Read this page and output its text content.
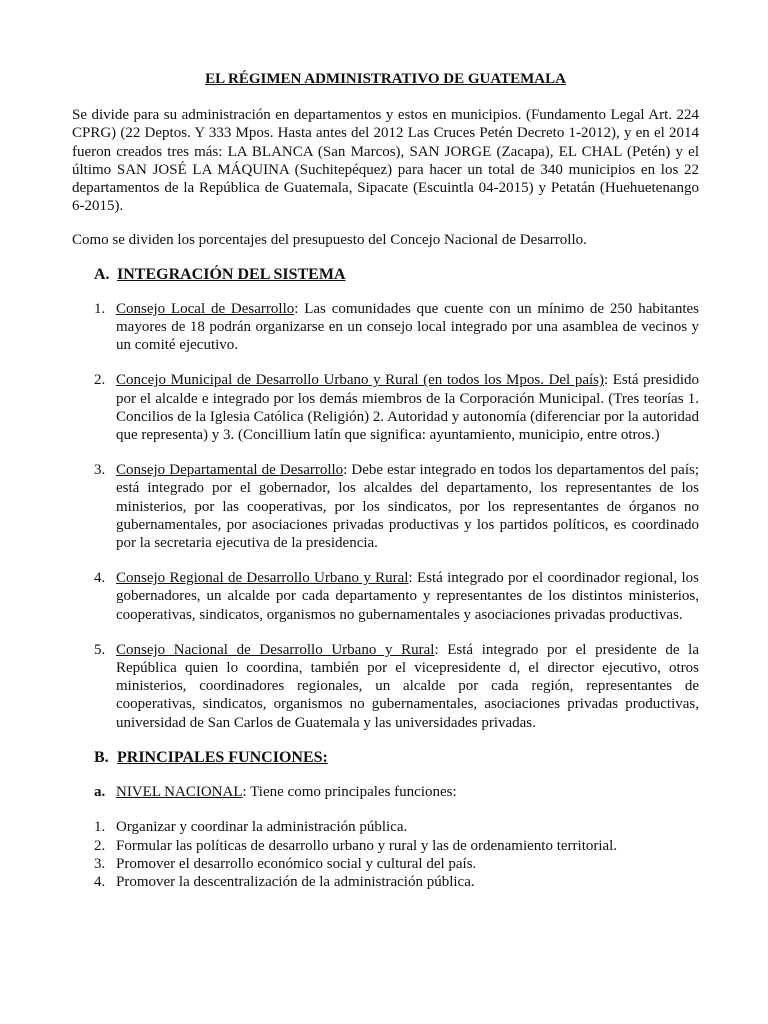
EL RÉGIMEN ADMINISTRATIVO DE GUATEMALA

Se divide para su administración en departamentos y estos en municipios. (Fundamento Legal Art. 224 CPRG) (22 Deptos. Y 333 Mpos. Hasta antes del 2012 Las Cruces Petén Decreto 1-2012), y en el 2014 fueron creados tres más: LA BLANCA (San Marcos), SAN JORGE (Zacapa), EL CHAL (Petén) y el último SAN JOSÉ LA MÁQUINA (Suchitepéquez) para hacer un total de 340 municipios en los 22 departamentos de la República de Guatemala, Sipacate (Escuintla 04-2015) y Petatán (Huehuetenango 6-2015).

Como se dividen los porcentajes del presupuesto del Concejo Nacional de Desarrollo.

A. INTEGRACIÓN DEL SISTEMA
1. Consejo Local de Desarrollo: Las comunidades que cuente con un mínimo de 250 habitantes mayores de 18 podrán organizarse en un consejo local integrado por una asamblea de vecinos y un comité ejecutivo.
2. Concejo Municipal de Desarrollo Urbano y Rural (en todos los Mpos. Del país): Está presidido por el alcalde e integrado por los demás miembros de la Corporación Municipal. (Tres teorías 1. Concilios de la Iglesia Católica (Religión) 2. Autoridad y autonomía (diferenciar por la autoridad que representa) y 3. (Concillium latín que significa: ayuntamiento, municipio, entre otros.)
3. Consejo Departamental de Desarrollo: Debe estar integrado en todos los departamentos del país; está integrado por el gobernador, los alcaldes del departamento, los representantes de los ministerios, por las cooperativas, por los sindicatos, por los representantes de órganos no gubernamentales, por asociaciones privadas productivas y los partidos políticos, es coordinado por la secretaria ejecutiva de la presidencia.
4. Consejo Regional de Desarrollo Urbano y Rural: Está integrado por el coordinador regional, los gobernadores, un alcalde por cada departamento y representantes de los distintos ministerios, cooperativas, sindicatos, organismos no gubernamentales y asociaciones privadas productivas.
5. Consejo Nacional de Desarrollo Urbano y Rural: Está integrado por el presidente de la República quien lo coordina, también por el vicepresidente d, el director ejecutivo, otros ministerios, coordinadores regionales, un alcalde por cada región, representantes de cooperativas, sindicatos, organismos no gubernamentales, asociaciones privadas productivas, universidad de San Carlos de Guatemala y las universidades privadas.
B. PRINCIPALES FUNCIONES:
a. NIVEL NACIONAL: Tiene como principales funciones:
1. Organizar y coordinar la administración pública.
2. Formular las políticas de desarrollo urbano y rural y las de ordenamiento territorial.
3. Promover el desarrollo económico social y cultural del país.
4. Promover la descentralización de la administración pública.
